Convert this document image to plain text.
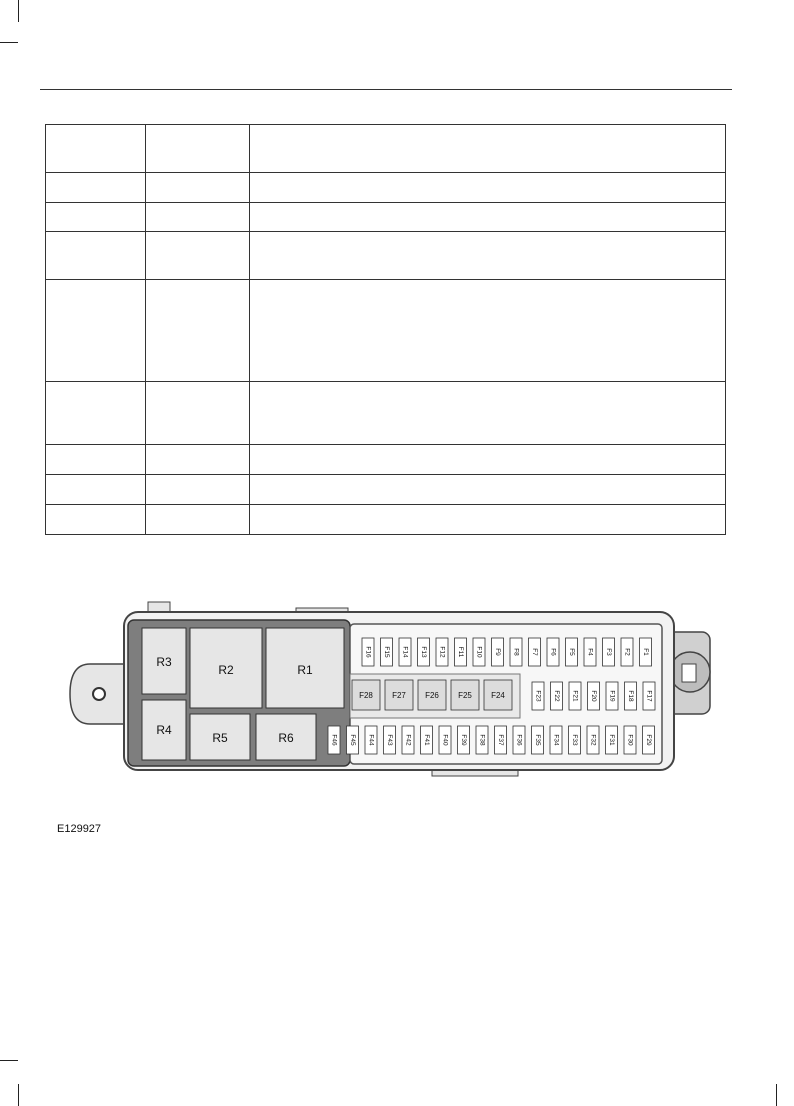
R3
R2	R1
R4
R5	R6
F16 F15 F14 F13 F12 F11 F10 F9 F8 F7 F6 F5 F4 F3 F2 F1
F23 F22 F21 F20 F19 F18 F17
F46 F45 F44 F43 F42 F41 F40 F39 F38 F37 F36 F35 F34 F33 F32 F31 F30 F29
F28 F27 F26 F25 F24
E129927
